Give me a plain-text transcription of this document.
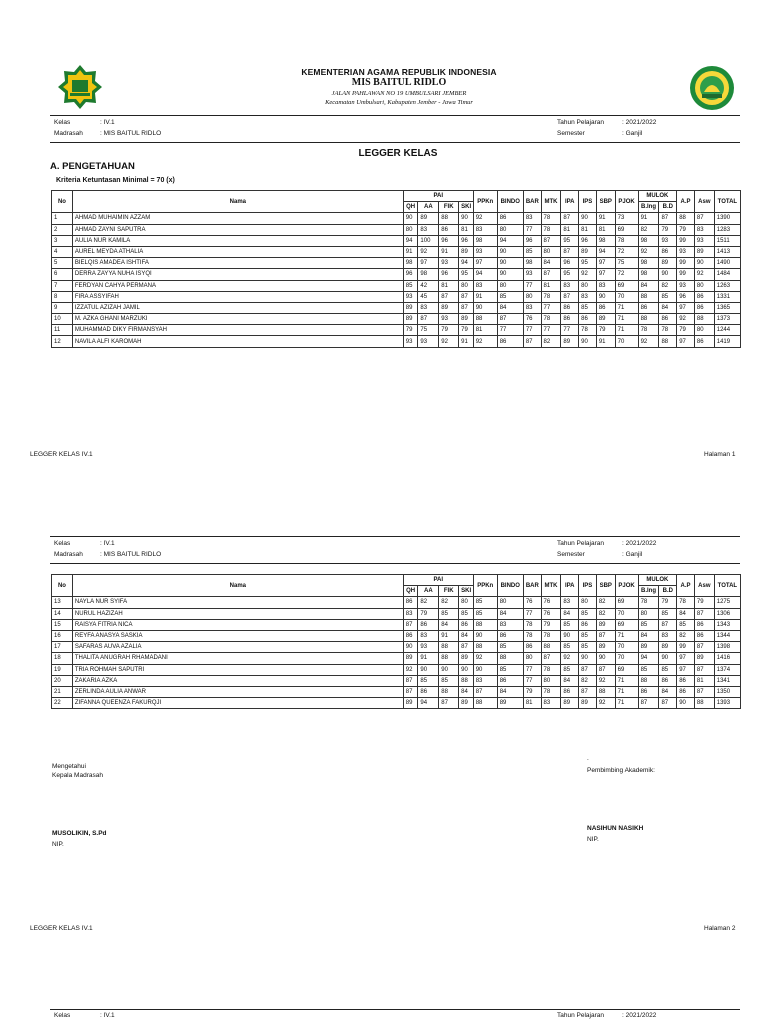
KEMENTERIAN AGAMA REPUBLIK INDONESIA
MIS BAITUL RIDLO
JALAN PAHLAWAN NO 19 UMBULSARI JEMBER
Kecamatan Umbulsari, Kabupaten Jember - Jawa Timur
Kelas	: IV.1
Madrasah	: MIS BAITUL RIDLO
Tahun Pelajaran	: 2021/2022
Semester	: Ganjil
LEGGER KELAS
A. PENGETAHUAN
Kriteria Ketuntasan Minimal = 70 (x)
No	Nama	PAI				PPKn	BINDO	BAR	MTK	IPA	IPS	SBP	PJOK	MULOK		A.P	Asw	TOTAL
		QH	AA	FIK	SKI									B.Ing	B.D			
1	AHMAD MUHAIMIN AZZAM	90	89	88	90	92	86	83	78	87	90	91	73	91	87	88	87	1390
2	AHMAD ZAYNI SAPUTRA	80	83	86	81	83	80	77	78	81	81	81	69	82	79	79	83	1283
3	AULIA NUR KAMILA	94	100	96	96	98	94	96	87	95	96	98	78	98	93	99	93	1511
4	AUREL MEYDA ATHALIA	91	92	91	89	93	90	85	80	87	89	94	72	92	86	93	89	1413
5	BIELQIS AMADEA ISHTIFA	98	97	93	94	97	90	98	84	96	95	97	75	98	89	99	90	1490
6	DERRA ZAYYA NUHA ISYQI	96	98	96	95	94	90	93	87	95	92	97	72	98	90	99	92	1484
7	FERDYAN CAHYA PERMANA	85	42	81	80	83	80	77	81	83	80	83	69	84	82	93	80	1263
8	FIRA ASSYIFAH	93	45	87	87	91	85	80	78	87	83	90	70	88	85	96	86	1331
9	IZZATUL AZIZAH JAMIL	89	83	89	87	90	84	83	77	86	85	86	71	86	84	97	86	1365
10	M. AZKA GHANI MARZUKI	89	87	93	89	88	87	76	78	86	86	89	71	88	86	92	88	1373
11	MUHAMMAD DIKY FIRMANSYAH	79	75	79	79	81	77	77	77	77	78	79	71	78	78	79	80	1244
12	NAVILA ALFI KAROMAH	93	93	92	91	92	86	87	82	89	90	91	70	92	88	97	86	1419
LEGGER KELAS IV.1	Halaman 1
Kelas	: IV.1
Madrasah	: MIS BAITUL RIDLO
Tahun Pelajaran	: 2021/2022
Semester	: Ganjil
No	Nama	PAI				PPKn	BINDO	BAR	MTK	IPA	IPS	SBP	PJOK	MULOK		A.P	Asw	TOTAL
		QH	AA	FIK	SKI									B.Ing	B.D			
13	NAYLA NUR SYIFA	86	82	82	80	85	80	76	76	83	80	82	69	78	79	78	79	1275
14	NURUL HAZIZAH	83	79	85	85	85	84	77	76	84	85	82	70	80	85	84	87	1306
15	RAISYA FITRIA NICA	87	86	84	86	88	83	78	79	85	86	89	69	85	87	85	86	1343
16	REYFA ANASYA SASKIA	86	83	91	84	90	86	78	78	90	85	87	71	84	83	82	86	1344
17	SAFARAS AUVA AZALIA	90	93	88	87	88	85	86	88	85	85	89	70	89	89	99	87	1398
18	THALITA ANUGRAH RHAMADANI	89	91	88	89	92	88	80	87	92	90	90	70	94	90	97	89	1416
19	TRIA ROHMAH SAPUTRI	92	90	90	90	90	85	77	78	85	87	87	69	85	85	97	87	1374
20	ZAKARIA AZKA	87	85	85	88	83	86	77	80	84	82	92	71	88	86	86	81	1341
21	ZERLINDA AULIA ANWAR	87	86	88	84	87	84	79	78	86	87	88	71	86	84	86	87	1350
22	ZIFANNA QUEENZA FAKURQJI	89	94	87	89	88	89	81	83	89	89	92	71	87	87	90	88	1393
Mengetahui
Kepala Madrasah
.
Pembimbing Akademik:
MUSOLIKIN, S.Pd
NIP.
NASIHUN NASIKH
NIP.
LEGGER KELAS IV.1	Halaman 2
Kelas	: IV.1	Tahun Pelajaran	: 2021/2022
